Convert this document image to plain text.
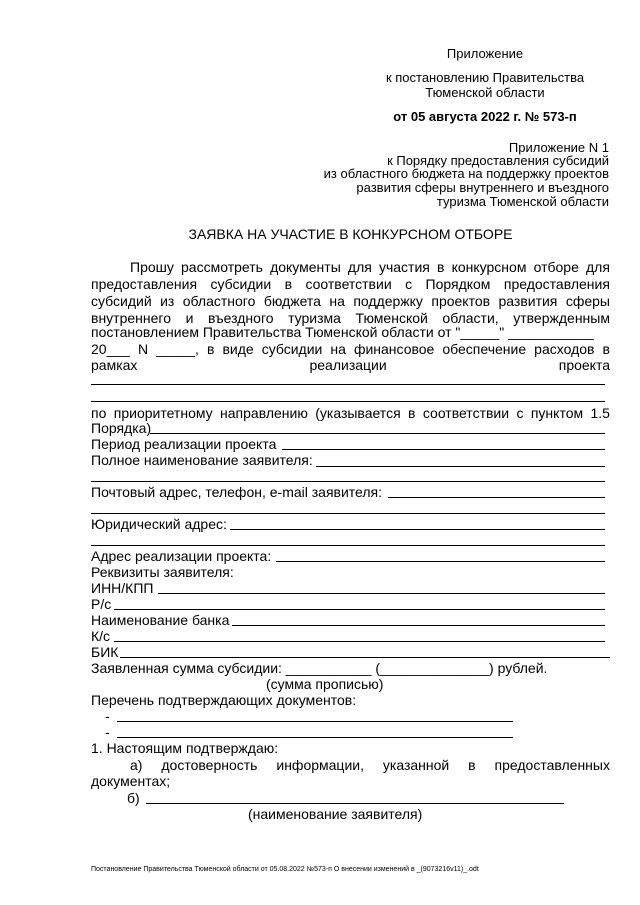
Приложение
к постановлению Правительства
Тюменской области
от 05 августа 2022 г. № 573-п
Приложение N 1
к Порядку предоставления субсидий
из областного бюджета на поддержку проектов
развития сферы внутреннего и въездного
туризма Тюменской области
ЗАЯВКА НА УЧАСТИЕ В КОНКУРСНОМ ОТБОРЕ
Прошу рассмотреть документы для участия в конкурсном отборе для
предоставления субсидии в соответствии с Порядком предоставления
субсидий из областного бюджета на поддержку проектов развития сферы
внутреннего и въездного туризма Тюменской области, утвержденным
постановлением Правительства Тюменской области от "_____" ___________
20___ N _____, в виде субсидии на финансовое обеспечение расходов в
рамках	реализации	проекта
по приоритетному направлению (указывается в соответствии с пунктом 1.5
Порядка)
Период реализации проекта
Полное наименование заявителя:
Почтовый адрес, телефон, e-mail заявителя:
Юридический адрес:
Адрес реализации проекта:
Реквизиты заявителя:
ИНН/КПП
Р/с
Наименование банка
К/с
БИК
Заявленная сумма субсидии: ___________ (______________) рублей.
(сумма прописью)
Перечень подтверждающих документов:
-
-
1. Настоящим подтверждаю:
а) достоверность информации, указанной в предоставленных
документах;
б)
(наименование заявителя)
Постановление Правительства Тюменской области от 05.08.2022 №573-п О внесении изменений в _(9073216v11)_.odt
